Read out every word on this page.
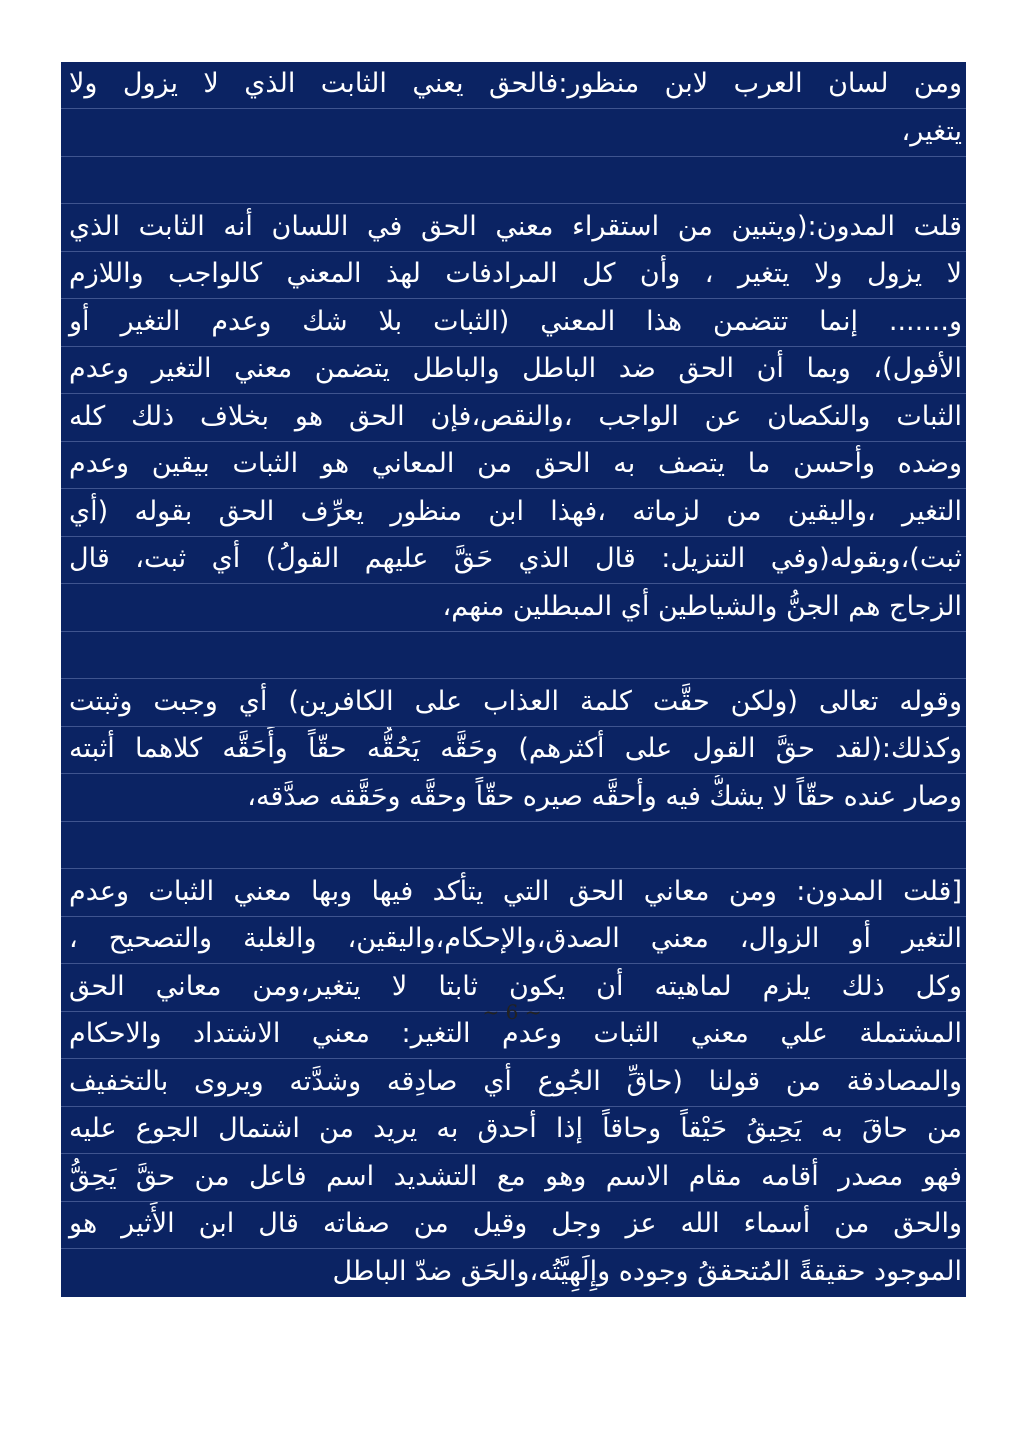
ومن لسان العرب لابن منظور:فالحق يعني الثابت الذي لا يزول ولا
يتغير،
قلت المدون:(ويتبين من استقراء معني الحق في اللسان أنه الثابت الذي
لا يزول ولا يتغير ، وأن كل المرادفات لهذ المعني كالواجب واللازم
و....... إنما تتضمن هذا المعني (الثبات بلا شك وعدم التغير أو
الأفول)، وبما أن الحق ضد الباطل والباطل يتضمن معني التغير وعدم
الثبات والنكصان عن الواجب ،والنقص،فإن الحق هو بخلاف ذلك كله
وضده وأحسن ما يتصف به الحق من المعاني هو الثبات بيقين وعدم
التغير ،واليقين من لزماته ،فهذا ابن منظور يعرِّف الحق بقوله (أي
ثبت)،وبقوله(وفي التنزيل: قال الذي حَقَّ عليهم القولُ) أي ثبت، قال
الزجاج هم الجنُّ والشياطين أي المبطلين منهم،
وقوله تعالى (ولكن حقَّت كلمة العذاب على الكافرين) أي وجبت وثبتت
وكذلك:(لقد حقَّ القول على أكثرهم) وحَقَّه يَحُقُّه حقّاً وأَحَقَّه كلاهما أثبته
وصار عنده حقّاً لا يشكُّ فيه وأحقَّه صيره حقّاً وحقَّه وحَقَّقه صدَّقه،
[قلت المدون: ومن معاني الحق التي يتأكد فيها وبها معني الثبات وعدم
التغير أو الزوال، معني الصدق،والإحكام،واليقين، والغلبة والتصحيح ،
وكل ذلك يلزم لماهيته أن يكون ثابتا لا يتغير،ومن معاني الحق
المشتملة علي معني الثبات وعدم التغير: معني الاشتداد والاحكام
والمصادقة من قولنا (حاقِّ الجُوع أي صادِقه وشدَّته ويروى بالتخفيف
من حاقَ به يَحِيقُ حَيْقاً وحاقاً إذا أحدق به يريد من اشتمال الجوع عليه
فهو مصدر أقامه مقام الاسم وهو مع التشديد اسم فاعل من حقَّ يَحِقُّ
والحق من أسماء الله عز وجل وقيل من صفاته قال ابن الأَثير هو
الموجود حقيقةً المُتحققُ وجوده وإِلَهِيَّتُه،والحَق ضدّ الباطل
~ 6 ~
